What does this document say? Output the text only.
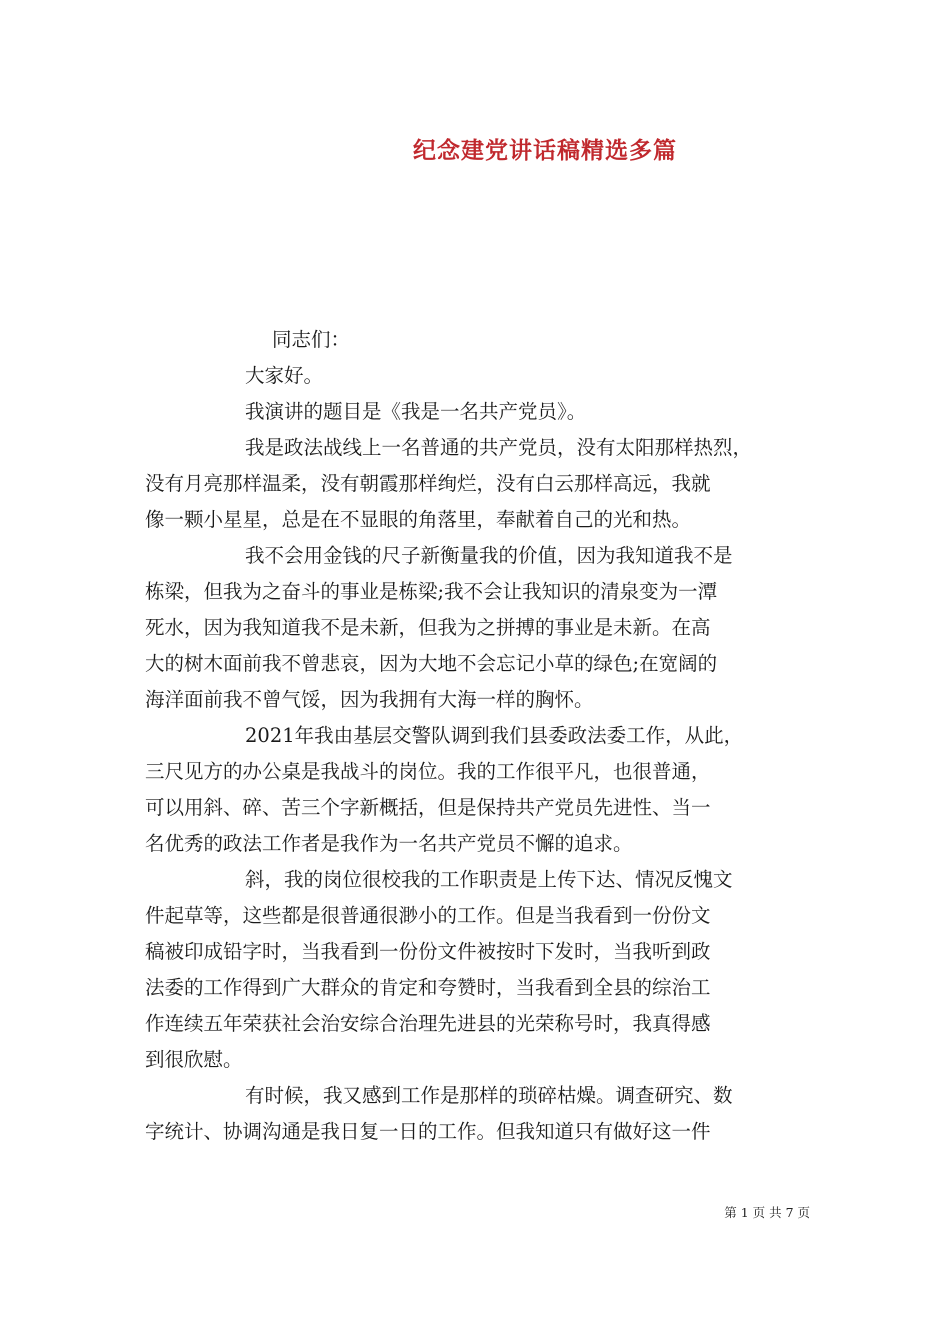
纪念建党讲话稿精选多篇
同志们：
大家好。
我演讲的题目是《我是一名共产党员》。
我是政法战线上一名普通的共产党员，没有太阳那样热烈，
没有月亮那样温柔，没有朝霞那样绚烂，没有白云那样高远，我就
像一颗小星星，总是在不显眼的角落里，奉献着自己的光和热。
我不会用金钱的尺子新衡量我的价值，因为我知道我不是
栋梁，但我为之奋斗的事业是栋梁;我不会让我知识的清泉变为一潭
死水，因为我知道我不是未新，但我为之拼搏的事业是未新。在高
大的树木面前我不曾悲哀，因为大地不会忘记小草的绿色;在宽阔的
海洋面前我不曾气馁，因为我拥有大海一样的胸怀。
2021年我由基层交警队调到我们县委政法委工作，从此，
三尺见方的办公桌是我战斗的岗位。我的工作很平凡，也很普通，
可以用斜、碎、苦三个字新概括，但是保持共产党员先进性、当一
名优秀的政法工作者是我作为一名共产党员不懈的追求。
斜，我的岗位很校我的工作职责是上传下达、情况反愧文
件起草等，这些都是很普通很渺小的工作。但是当我看到一份份文
稿被印成铅字时，当我看到一份份文件被按时下发时，当我听到政
法委的工作得到广大群众的肯定和夸赞时，当我看到全县的综治工
作连续五年荣获社会治安综合治理先进县的光荣称号时，我真得感
到很欣慰。
有时候，我又感到工作是那样的琐碎枯燥。调查研究、数
字统计、协调沟通是我日复一日的工作。但我知道只有做好这一件
第 1 页 共 7 页
